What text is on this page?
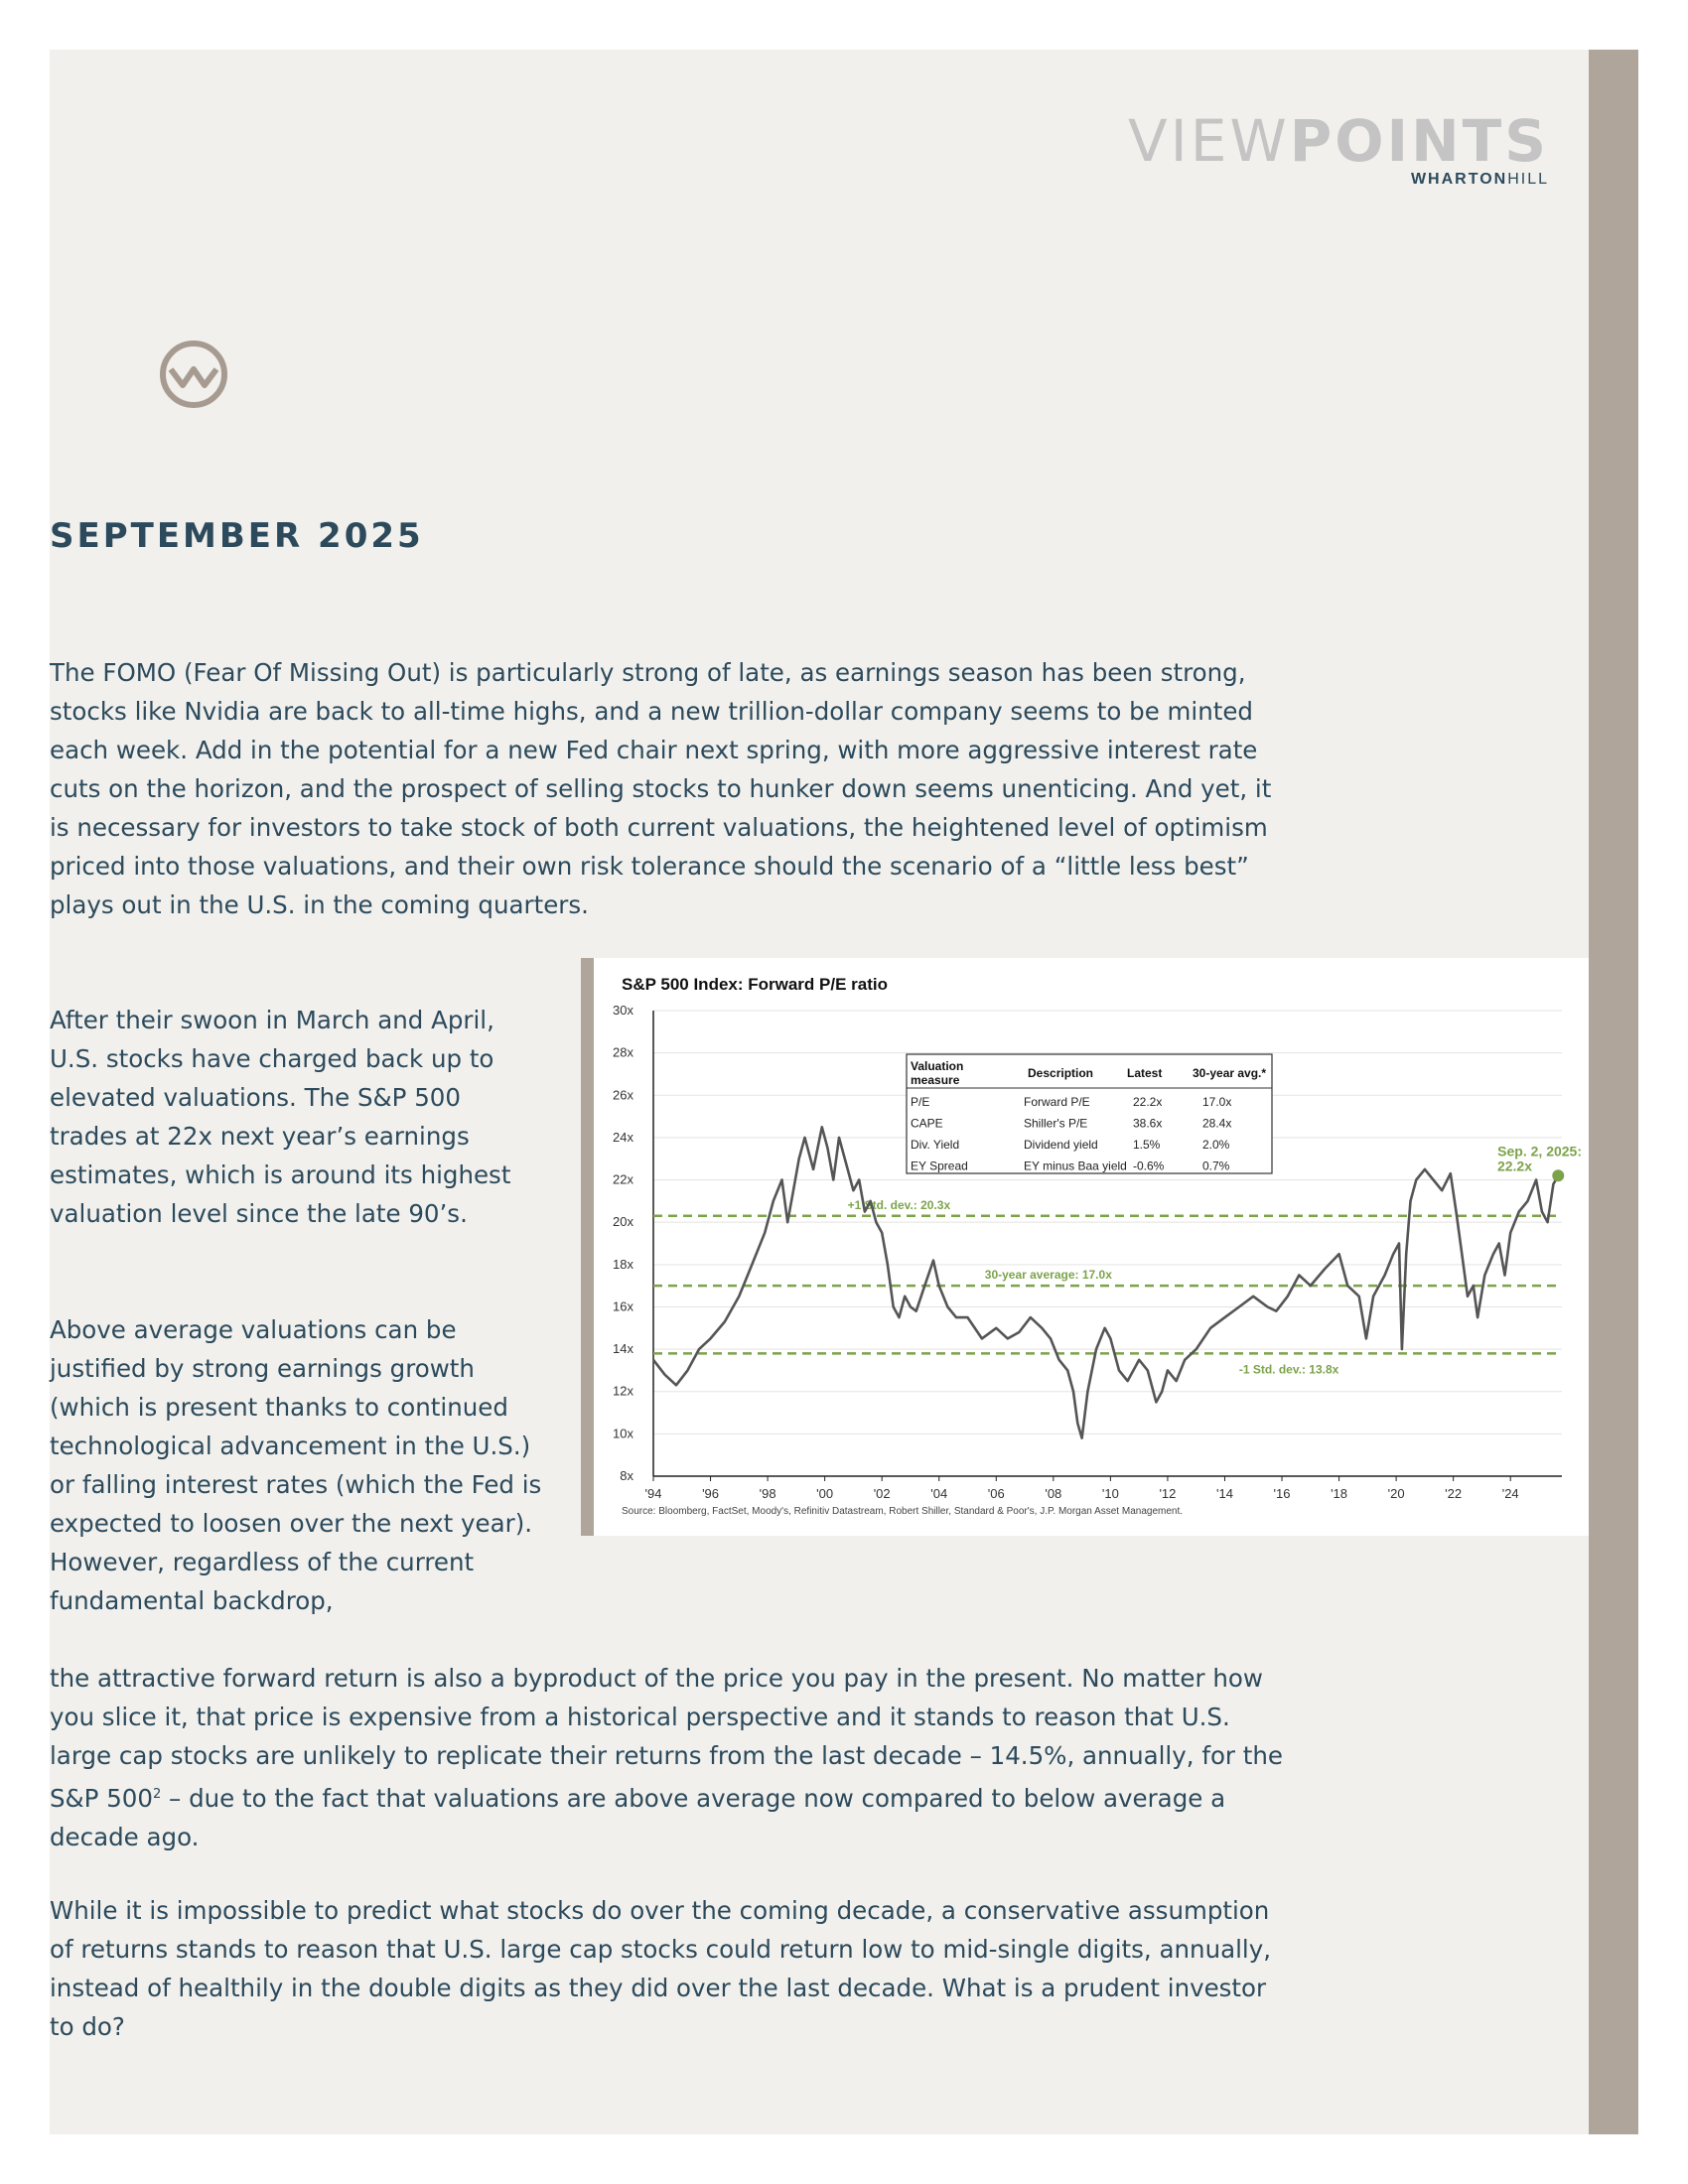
VIEWPOINTS
WHARTONHILL
SEPTEMBER 2025

The FOMO (Fear Of Missing Out) is particularly strong of late, as earnings season has been strong, stocks like Nvidia are back to all-time highs, and a new trillion-dollar company seems to be minted each week. Add in the potential for a new Fed chair next spring, with more aggressive interest rate cuts on the horizon, and the prospect of selling stocks to hunker down seems unenticing. And yet, it is necessary for investors to take stock of both current valuations, the heightened level of optimism priced into those valuations, and their own risk tolerance should the scenario of a “little less best” plays out in the U.S. in the coming quarters.

After their swoon in March and April, U.S. stocks have charged back up to elevated valuations. The S&P 500 trades at 22x next year’s earnings estimates, which is around its highest valuation level since the late 90’s.

Above average valuations can be justified by strong earnings growth (which is present thanks to continued technological advancement in the U.S.) or falling interest rates (which the Fed is expected to loosen over the next year). However, regardless of the current fundamental backdrop,

the attractive forward return is also a byproduct of the price you pay in the present. No matter how you slice it, that price is expensive from a historical perspective and it stands to reason that U.S. large cap stocks are unlikely to replicate their returns from the last decade – 14.5%, annually, for the S&P $500^2$ – due to the fact that valuations are above average now compared to below average a decade ago.

While it is impossible to predict what stocks do over the coming decade, a conservative assumption of returns stands to reason that U.S. large cap stocks could return low to mid-single digits, annually, instead of healthily in the double digits as they did over the last decade. What is a prudent investor to do?

S&P 500 Index: Forward P/E ratio
30x
28x
26x
24x
22x
20x
18x
16x
14x
12x
10x
8x
'94	'96	'98	'00	'02	'04	'06	'08	'10	'12	'14	'16	'18	'20	'22	'24
+1 Std. dev.: 20.3x
30-year average: 17.0x
-1 Std. dev.: 13.8x
Sep. 2, 2025:
22.2x
Valuation
measure	Description	Latest	30-year avg.*
P/E	Forward P/E	22.2x	17.0x
CAPE	Shiller's P/E	38.6x	28.4x
Div. Yield	Dividend yield	1.5%	2.0%
EY Spread	EY minus Baa yield -0.6%	0.7%
Source: Bloomberg, FactSet, Moody's, Refinitiv Datastream, Robert Shiller, Standard & Poor's, J.P. Morgan Asset Management.
